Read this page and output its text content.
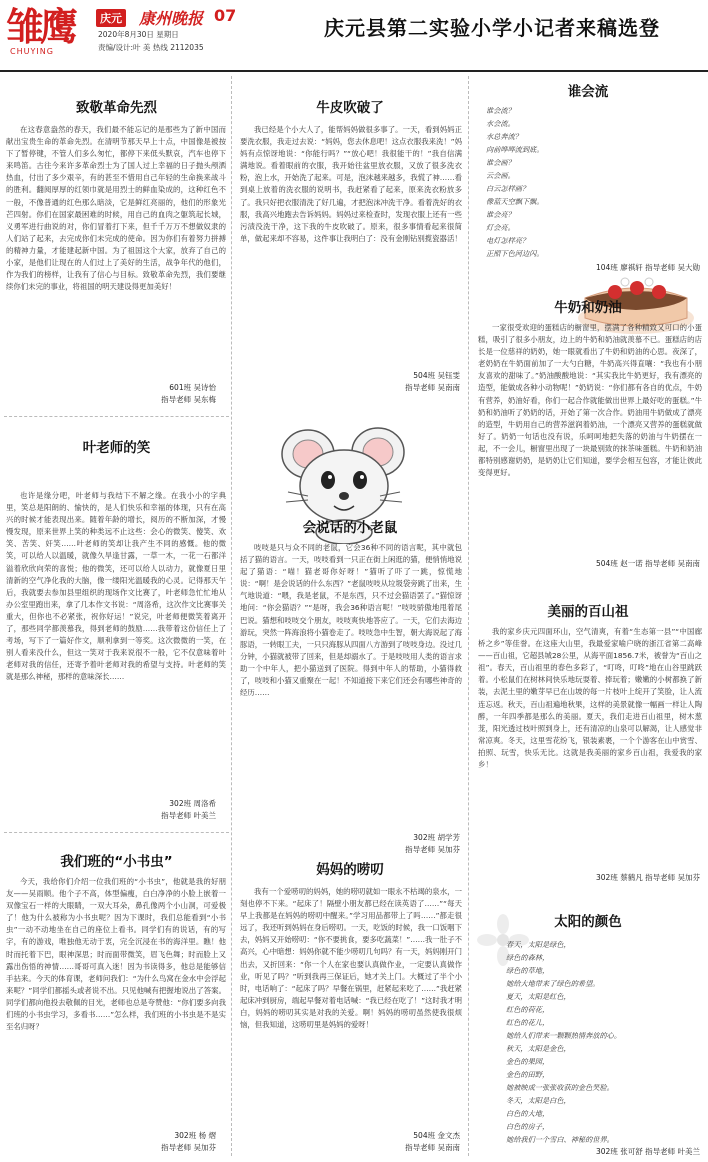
雏鹰
CHUYING
庆元 康州晚报 07
2020年8月30日 星期日
责编/设计:叶 美 热线 2112035
庆元县第二实验小学小记者来稿选登
致敬革命先烈
在这春意盎然的春天，我们最不能忘记的是那些为了新中国而献出宝贵生命的革命先烈。在清明节那天早上十点，中国像是被按下了暂停键，不管人们多么匆忙，都停下来低头默哀，汽车也停下来鸣笛。古往今来许多革命烈士为了国人过上幸福的日子抛头颅洒热血，付出了多少艰辛，有的甚至不惜用自己年轻的生命换来战斗的胜利。翻阅厚厚的红领巾就是用烈士的鲜血染成的，这种红色不一般，不像普通的红色那么暗淡，它是鲜红亮丽的，他们的形象光芒四射。你们在国家最困难的时候，用自己的血肉之躯筑起长城，义勇军进行曲说的对，你们冒着打下来，但千千万万不想做奴隶的人们站了起来，去完成你们未完成的使命。因为你们有着努力拼搏的精神力量，才能建起新中国。为了祖国这个大家，放弃了自己的小家，是他们让现在的人们过上了美好的生活，战争年代的他们，作为我们的榜样，让我有了信心与目标。致敬革命先烈，我们要继续你们未完的事业，将祖国的明天建设得更加美好！
601班 吴诗怡
指导老师 吴东梅
叶老师的笑
也许是缘分吧，叶老师与我结下不解之缘。在我小小的字典里，笑总是阳朗的、愉快的，是人们快乐和幸福的体现，只有在高兴的时候才能表现出来。随着年龄的增长，阅历的不断加深，才慢慢发现，原来世界上笑的种类远不止这些：会心的微笑、傻笑、欢笑、苦笑、奸笑……叶老师的笑却让我产生不同的感慨。他的微笑，可以给人以温暖，就像久旱逢甘露，一草一木，一花一石都洋溢着欣欣向荣的喜悦；他的微笑，还可以给人以动力，就像夏日里清新的空气净化我的大脑，像一缕阳光温暖我的心灵。记得那天午后，我就要去参加县里组织的现场作文比赛了，叶老师急忙忙地从办公室里跑出来，拿了几本作文书说：“周洛希，这次作文比赛事关重大，但你也不必紧张，祝你好运！”说完，叶老师便微笑着离开了，那些同学都羡慕我，得到老师的鼓励……我带着这份信任上了考场，写下了一篇好作文，顺利拿到一等奖。这次微微的一笑，在别人看来没什么，但这一笑对于我来说很不一般，它不仅意味着叶老师对我的信任，还寄予着叶老师对我的希望与支持。叶老师的笑就是那么神秘，那样的意味深长……
302班 周洛希
指导老师 叶美兰
我们班的“小书虫”
今天，我给你们介绍一位我们班的“小书虫”，他就是我的好朋友——吴雨顺。他个子不高，体型偏瘦，白白净净的小脸上嵌着一双像宝石一样的大眼睛，一双大耳朵，鼻孔像两个小山洞，可爱极了！他为什么被称为小书虫呢？因为下课时，我们总能看到“小书虫”一动不动地坐在自己的座位上看书。同学们有的说话，有的写字，有的游戏，唯独他无动于衷，完全沉浸在书的海洋里。瞧！他时而托着下巴，眼神深思；时而面带微笑，眉飞色舞；时而脸上又露出伤悟的神情……哥哥可真入迷！因为书读得多，他总是能够信手拈来。今天的体育课，老师问我们：“为什么鸟窝在金水中会浮起来呢？”同学们都摇头或者说不出。只见他喊有把握地说出了答案。同学们都向他投去敬佩的目光，老师也总是夸赞他：“你们要多向我们班的小书虫学习，多看书……”怎么样，我们班的小书虫是不是实至名归呀？
302班 杨 熠
指导老师 吴加芬
牛皮吹破了
我已经是个小大人了，能帮妈妈做很多事了。一天，看到妈妈正要洗衣服，我走过去说：“妈妈，您去休息吧！这点衣服我来洗！”妈妈有点惊讶地说：“你能行吗？”“放心吧！我很能干的！”我自信满满地说。看着眼前的衣服，我开始往盆里放衣服，又放了很多洗衣粉，泡上水，开始洗了起来。可是，泡沫越来越多，我慌了神……看到桌上放着的洗衣服的说明书，我赶紧看了起来，原来洗衣粉放多了。我只好把衣服清洗了好几遍，才把泡沫冲洗干净。看着洗好的衣服，我高兴地跑去告诉妈妈。妈妈过来检查时，发现衣服上还有一些污渍没洗干净，这下我的牛皮吹破了。原来，很多事情看起来很简单，做起来却不容易，这件事让我明白了：没有金刚钻别揽瓷器活！
504班 吴钰雯
指导老师 吴南南
会说话的小老鼠
吱吱是只与众不同的老鼠，它会36种不同的语言呢，其中就包括了猫的语言。一天，吱吱看到一只正在街上闲逛的猫，便悄悄地说起了猫语：“喵！猫老哥你好呀！”猫听了吓了一跳，惊慌地说：“啊！是会说话的什么东西？”老鼠吱吱从垃圾袋旁跳了出来，生气地说道：“喂，我是老鼠，不是东西，只不过会猫语罢了。”猫惊讶地问：“你会猫语？”“是呀，我会36种语言呢！”吱吱骄傲地甩着尾巴说。猫想和吱吱交个朋友，吱吱爽快地答应了。一天，它们去海边游玩，突然一阵海浪将小猫卷走了。吱吱急中生智，朝大海说起了海豚语，一转眼工夫，一只只海豚从四面八方游到了吱吱身边。没过几分钟，小猫就被带了回来，但是却溺水了。于是吱吱用人类的语言求助一个中年人，把小猫送到了医院。得到中年人的帮助，小猫得救了，吱吱和小猫又重聚在一起！不知道接下来它们还会有哪些神奇的经历……
302班 胡学芳
指导老师 吴加芬
妈妈的唠叨
我有一个爱唠叨的妈妈，她的唠叨就如一眼永不枯竭的泉水，一刻也停不下来。“起床了！隔壁小朋友都已经在读英语了……”“每天早上我都是在妈妈的唠叨中醒来。”学习用品都带上了吗……”都走很远了，我还听到妈妈在身后唠叨。一天，吃饭的时候，我一口饭咽下去，妈妈又开始唠叨：“你不要挑食，要多吃蔬菜！”……我一肚子不高兴，心中暗想：妈妈你就不能少唠叨几句吗？有一天，妈妈刚开门出去，又折回来：“你一个人在家也要认真做作业，一定要认真做作业，听见了吗？”听到我再三保证后，她才关上门。大概过了半个小时，电话响了：“起床了吗？早餐在锅里，赶紧起来吃了……”我赶紧起床冲到厨房，端起早餐对着电话喊：“我已经在吃了！”这时我才明白，妈妈的唠叨其实是对我的关爱。啊！妈妈的唠叨虽然使我很烦恼，但我知道，这唠叨里是妈妈的爱呀！
504班 金文杰
指导老师 吴南南
谁会流
谁会流？
水会流。
水总奔流？
向前哗哗流到底。
谁会画？
云会画。
白云怎样画？
像蓝天空飘下飘。
谁会亮？
灯会亮。
电灯怎样亮？
正照下色河边闪。
104班 廖祺轩 指导老师 吴大勋
牛奶和奶油
一家很受欢迎的蛋糕店的橱窗里，摆满了各种精致又可口的小蛋糕，吸引了很多小朋友，边上的牛奶和奶油就羡慕不已。蛋糕店的店长是一位慈祥的奶奶，她一眼就看出了牛奶和奶油的心思。夜深了，老奶奶在牛奶面前加了一大勺白糖，牛奶高兴得直嚷：“我也有小朋友喜欢的甜味了。”奶油酸酸地说：“其实我比牛奶更好，我有漂亮的造型，能做成各种小动物呢！”奶奶说：“你们都有各自的优点，牛奶有营养，奶油好看，你们一起合作就能做出世界上最好吃的蛋糕。”牛奶和奶油听了奶奶的话，开始了第一次合作。奶油用牛奶做成了漂亮的造型，牛奶用自己的营养滋润着奶油，一个漂亮又营养的蛋糕就做好了。奶奶一句话也没有说，乐呵呵地把失落的奶油与牛奶摆在一起，不一会儿，橱窗里出现了一块最别致的抹茶味蛋糕。牛奶和奶油都特别感谢奶奶，是奶奶让它们知道，要学会相互包容，才能让彼此变得更好。
504班 赵一诺 指导老师 吴南南
美丽的百山祖
我的家乡庆元四面环山，空气清爽，有着“生态第一县”“中国廊桥之乡”等佳誉。在这座大山里，我最爱家喻户晓的浙江省第二高峰——百山祖，它超县城28公里，从海平面1856.7米，被誉为“百山之祖”。春天，百山祖里的春色多彩了，“叮咚，叮咚”地在山谷里跳跃着。小松鼠们在树林间快乐地玩耍着、捧玩着；嫩嫩的小树都换了新装，去泥土里的嫩芽早已在山坡的每一片枝叶上绽开了笑脸，让人流连忘返。秋天，百山祖遍地秋果，这样的美景就像一幅画一样让人陶醉，一年四季都是那么的美丽。夏天，我们走进百山祖里，树木葱茏，阳光透过枝叶照到身上，还有清凉的山泉可以解渴，让人感觉非常凉爽。冬天，这里雪花纷飞，银装素裹，一个个游客在山中赏雪、拍照、玩雪，快乐无比。这就是我美丽的家乡百山祖，我爱我的家乡！
302班 蔡鹤凡 指导老师 吴加芬
太阳的颜色
春天，太阳是绿色，
绿色的森林，
绿色的草地，
她给大地带来了绿色的希望。
夏天，太阳是红色，
红色的荷花，
红色的花儿，
她给人们带来一颗颗热情奔放的心。
秋天，太阳是金色，
金色的果园，
金色的田野，
她被映成一张张收获的金色笑脸。
冬天，太阳是白色，
白色的大地，
白色的房子，
她给我们一个雪白、神秘的世界。
302班 张可舒 指导老师 叶美兰
